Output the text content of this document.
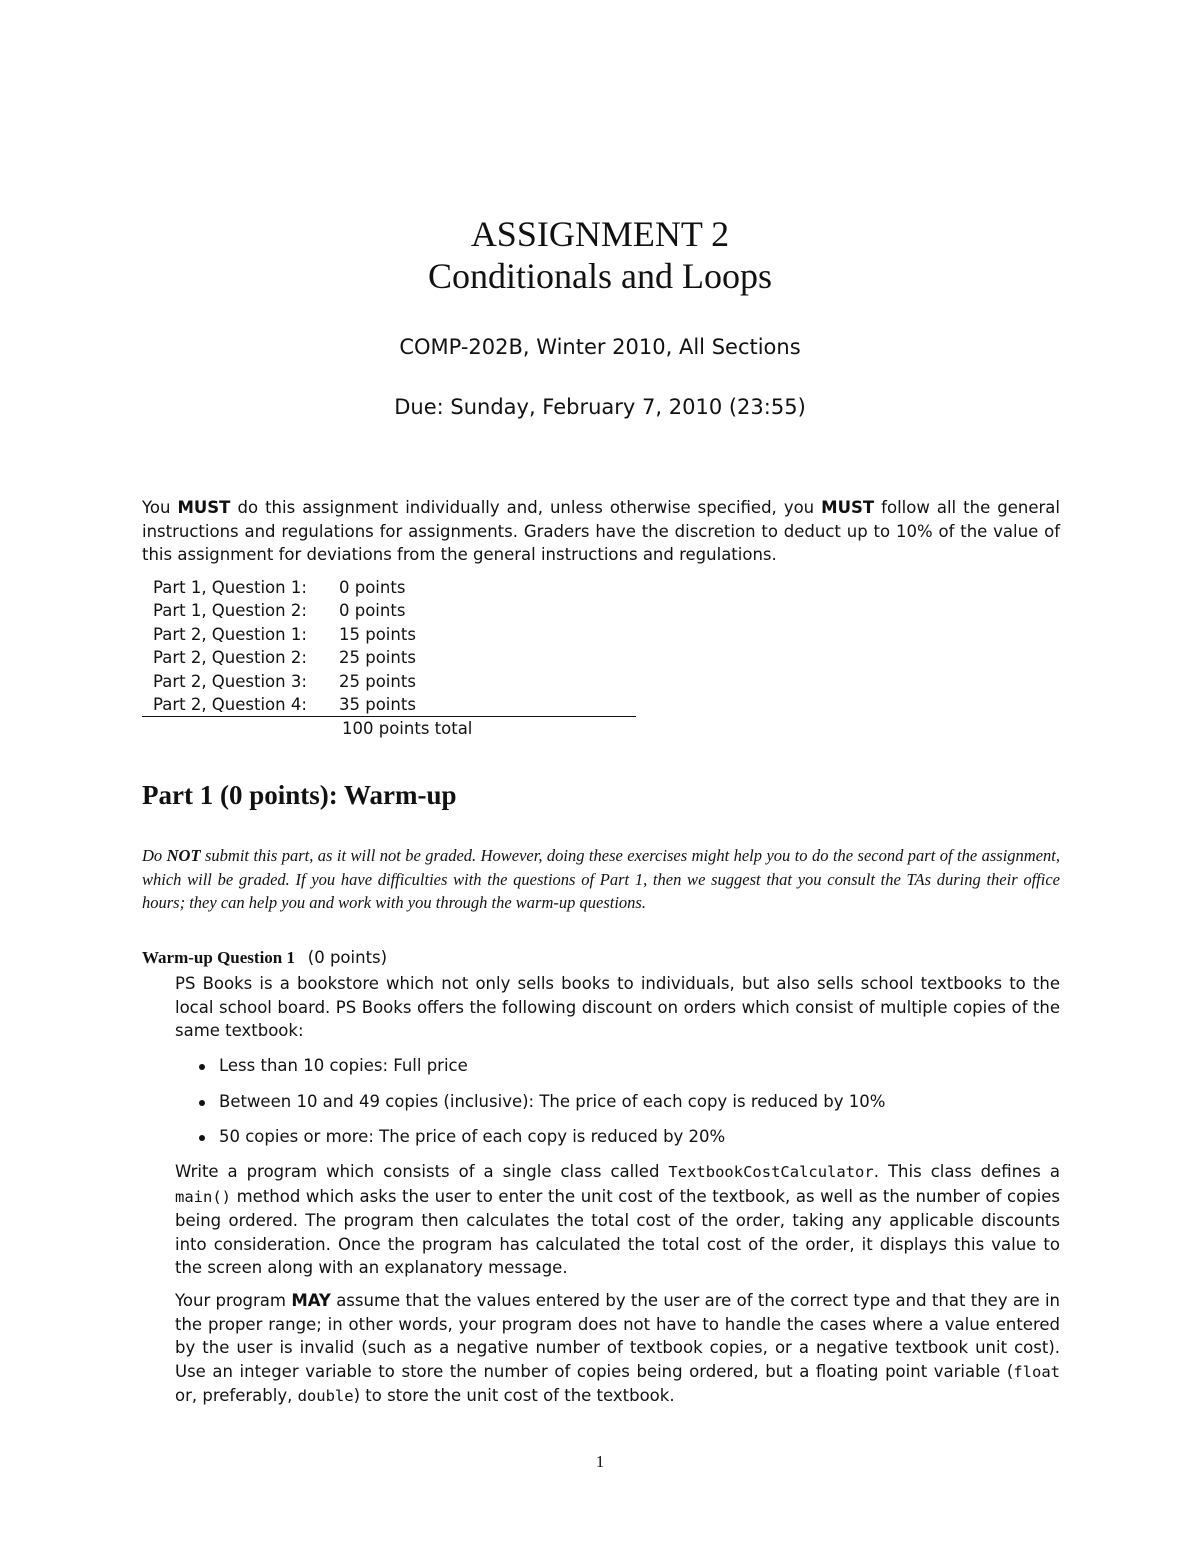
ASSIGNMENT 2
Conditionals and Loops
COMP-202B, Winter 2010, All Sections
Due: Sunday, February 7, 2010 (23:55)
You MUST do this assignment individually and, unless otherwise specified, you MUST follow all the general instructions and regulations for assignments. Graders have the discretion to deduct up to 10% of the value of this assignment for deviations from the general instructions and regulations.
Part 1, Question 1:	0 points
Part 1, Question 2:	0 points
Part 2, Question 1:	15 points
Part 2, Question 2:	25 points
Part 2, Question 3:	25 points
Part 2, Question 4:	35 points
100 points total
Part 1 (0 points): Warm-up
Do NOT submit this part, as it will not be graded. However, doing these exercises might help you to do the second part of the assignment, which will be graded. If you have difficulties with the questions of Part 1, then we suggest that you consult the TAs during their office hours; they can help you and work with you through the warm-up questions.
Warm-up Question 1 (0 points)
PS Books is a bookstore which not only sells books to individuals, but also sells school textbooks to the local school board. PS Books offers the following discount on orders which consist of multiple copies of the same textbook:
Less than 10 copies: Full price
Between 10 and 49 copies (inclusive): The price of each copy is reduced by 10%
50 copies or more: The price of each copy is reduced by 20%
Write a program which consists of a single class called TextbookCostCalculator. This class defines a main() method which asks the user to enter the unit cost of the textbook, as well as the number of copies being ordered. The program then calculates the total cost of the order, taking any applicable discounts into consideration. Once the program has calculated the total cost of the order, it displays this value to the screen along with an explanatory message.
Your program MAY assume that the values entered by the user are of the correct type and that they are in the proper range; in other words, your program does not have to handle the cases where a value entered by the user is invalid (such as a negative number of textbook copies, or a negative textbook unit cost). Use an integer variable to store the number of copies being ordered, but a floating point variable (float or, preferably, double) to store the unit cost of the textbook.
1
